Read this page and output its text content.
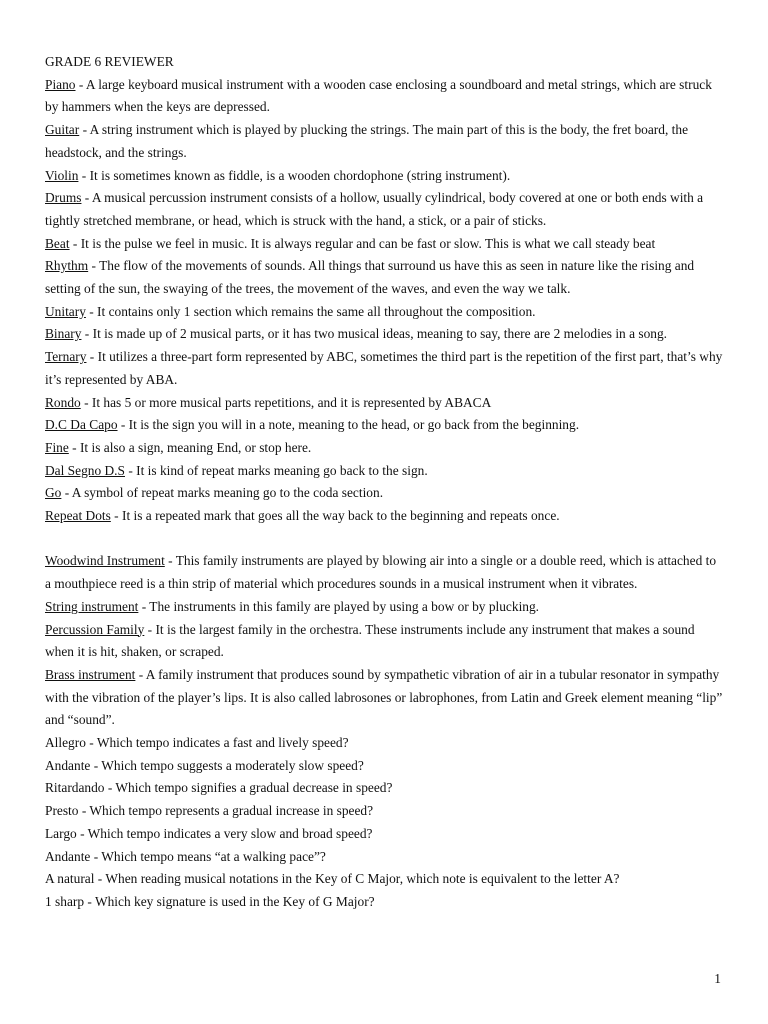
GRADE 6 REVIEWER

Piano - A large keyboard musical instrument with a wooden case enclosing a soundboard and metal strings, which are struck by hammers when the keys are depressed.

Guitar - A string instrument which is played by plucking the strings. The main part of this is the body, the fret board, the headstock, and the strings.

Violin - It is sometimes known as fiddle, is a wooden chordophone (string instrument).

Drums - A musical percussion instrument consists of a hollow, usually cylindrical, body covered at one or both ends with a tightly stretched membrane, or head, which is struck with the hand, a stick, or a pair of sticks.

Beat - It is the pulse we feel in music. It is always regular and can be fast or slow. This is what we call steady beat

Rhythm - The flow of the movements of sounds. All things that surround us have this as seen in nature like the rising and setting of the sun, the swaying of the trees, the movement of the waves, and even the way we talk.

Unitary - It contains only 1 section which remains the same all throughout the composition.

Binary - It is made up of 2 musical parts, or it has two musical ideas, meaning to say, there are 2 melodies in a song.

Ternary - It utilizes a three-part form represented by ABC, sometimes the third part is the repetition of the first part, that’s why it’s represented by ABA.

Rondo - It has 5 or more musical parts repetitions, and it is represented by ABACA

D.C Da Capo - It is the sign you will in a note, meaning to the head, or go back from the beginning.

Fine - It is also a sign, meaning End, or stop here.

Dal Segno D.S - It is kind of repeat marks meaning go back to the sign.

Go - A symbol of repeat marks meaning go to the coda section.

Repeat Dots - It is a repeated mark that goes all the way back to the beginning and repeats once.

Woodwind Instrument - This family instruments are played by blowing air into a single or a double reed, which is attached to a mouthpiece reed is a thin strip of material which procedures sounds in a musical instrument when it vibrates.

String instrument - The instruments in this family are played by using a bow or by plucking.

Percussion Family - It is the largest family in the orchestra. These instruments include any instrument that makes a sound when it is hit, shaken, or scraped.

Brass instrument - A family instrument that produces sound by sympathetic vibration of air in a tubular resonator in sympathy with the vibration of the player’s lips. It is also called labrosones or labrophones, from Latin and Greek element meaning “lip” and “sound”.

Allegro - Which tempo indicates a fast and lively speed?

Andante - Which tempo suggests a moderately slow speed?

Ritardando - Which tempo signifies a gradual decrease in speed?

Presto - Which tempo represents a gradual increase in speed?

Largo - Which tempo indicates a very slow and broad speed?

Andante - Which tempo means “at a walking pace”?

A natural - When reading musical notations in the Key of C Major, which note is equivalent to the letter A?

1 sharp - Which key signature is used in the Key of G Major?

1
